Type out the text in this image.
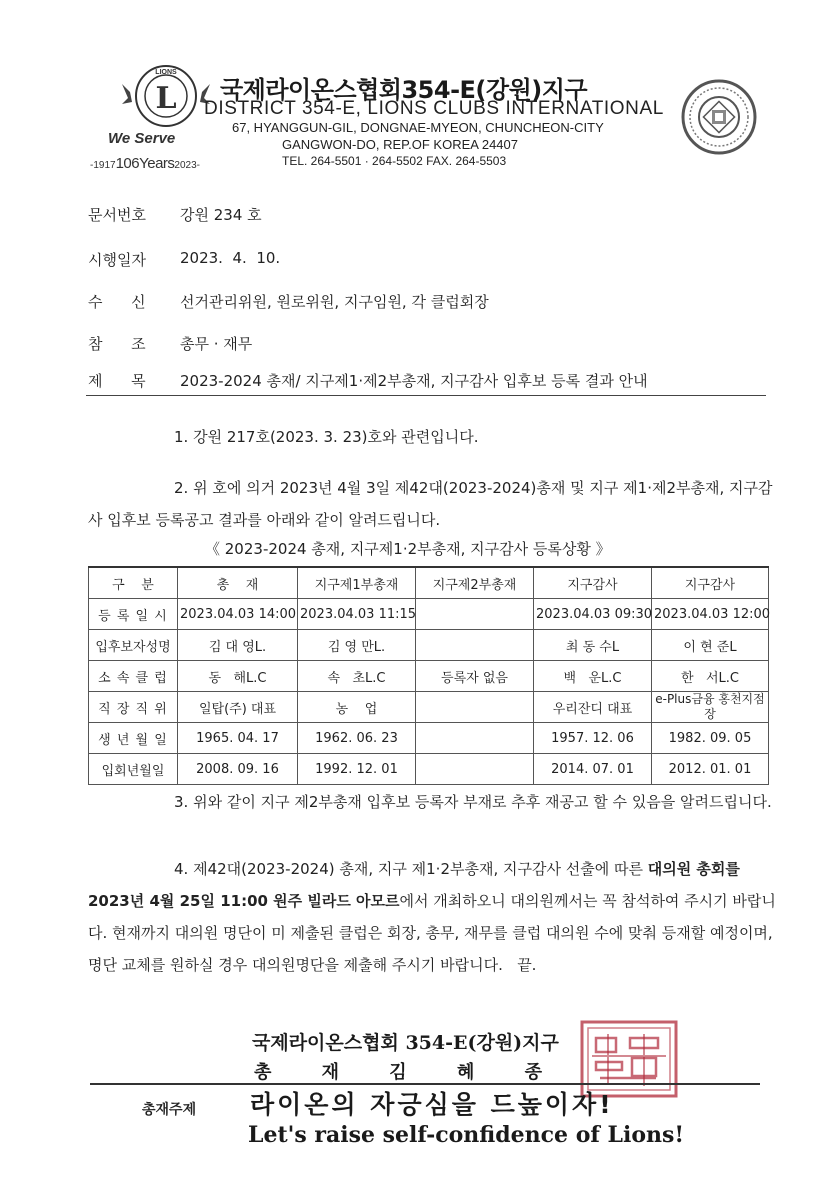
L
LIONS
We Serve
-1917106Years2023-
국제라이온스협회354-E(강원)지구
DISTRICT 354-E, LIONS CLUBS INTERNATIONAL
67, HYANGGUN-GIL, DONGNAE-MYEON, CHUNCHEON-CITY
GANGWON-DO, REP.OF KOREA 24407
TEL. 264-5501 · 264-5502 FAX. 264-5503
문서번호 강원 234 호
시행일자 2023.  4.  10.
수      신 선거관리위원, 원로위원, 지구임원, 각 클럽회장
참      조 총무 · 재무
제      목 2023-2024 총재/ 지구제1·제2부총재, 지구감사 입후보 등록 결과 안내
1. 강원 217호(2023. 3. 23)호와 관련입니다.
2. 위 호에 의거 2023년 4월 3일 제42대(2023-2024)총재 및 지구 제1·제2부총재, 지구감사 입후보 등록공고 결과를 아래와 같이 알려드립니다.
《 2023-2024 총재, 지구제1·2부총재, 지구감사 등록상황 》
구    분	총    재	지구제1부총재	지구제2부총재	지구감사	지구감사
등 록 일 시	2023.04.03 14:00	2023.04.03 11:15		2023.04.03 09:30	2023.04.03 12:00
입후보자성명	김 대 영L.	김 영 만L.		최 동 수L	이 현 준L
소 속 클 럽	동   해L.C	속   초L.C	등록자 없음	백   운L.C	한   서L.C
직 장 직 위	일탑(주) 대표	농    업		우리잔디 대표	e-Plus금융 홍천지점장
생 년 월 일	1965. 04. 17	1962. 06. 23		1957. 12. 06	1982. 09. 05
입회년월일	2008. 09. 16	1992. 12. 01		2014. 07. 01	2012. 01. 01
3. 위와 같이 지구 제2부총재 입후보 등록자 부재로 추후 재공고 할 수 있음을 알려드립니다.
4. 제42대(2023-2024) 총재, 지구 제1·2부총재, 지구감사 선출에 따른 대의원 총회를 2023년 4월 25일 11:00 원주 빌라드 아모르에서 개최하오니 대의원께서는 꼭 참석하여 주시기 바랍니다. 현재까지 대의원 명단이 미 제출된 클럽은 회장, 총무, 재무를 클럽 대의원 수에 맞춰 등재할 예정이며, 명단 교체를 원하실 경우 대의원명단을 제출해 주시기 바랍니다.   끝.
국제라이온스협회 354-E(강원)지구
총 재 김 혜 종
총재주제 라이온의 자긍심을 드높이자!
Let's raise self-confidence of Lions!
